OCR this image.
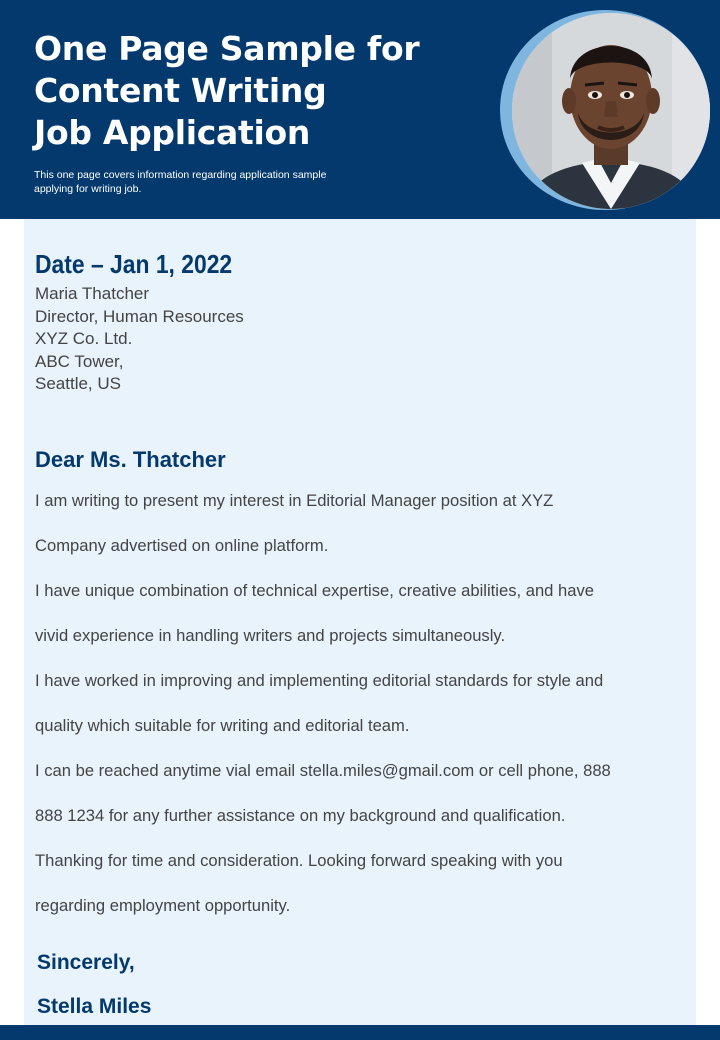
One Page Sample for
Content Writing
Job Application

This one page covers information regarding application sample
applying for writing job.

Date – Jan 1, 2022

Maria Thatcher
Director, Human Resources
XYZ Co. Ltd.
ABC Tower,
Seattle, US

Dear Ms. Thatcher
I am writing to present my interest in Editorial Manager position at XYZ
Company advertised on online platform.
I have unique combination of technical expertise, creative abilities, and have
vivid experience in handling writers and projects simultaneously.
I have worked in improving and implementing editorial standards for style and
quality which suitable for writing and editorial team.
I can be reached anytime vial email stella.miles@gmail.com or cell phone, 888
888 1234 for any further assistance on my background and qualification.
Thanking for time and consideration. Looking forward speaking with you
regarding employment opportunity.
Sincerely,
Stella Miles
